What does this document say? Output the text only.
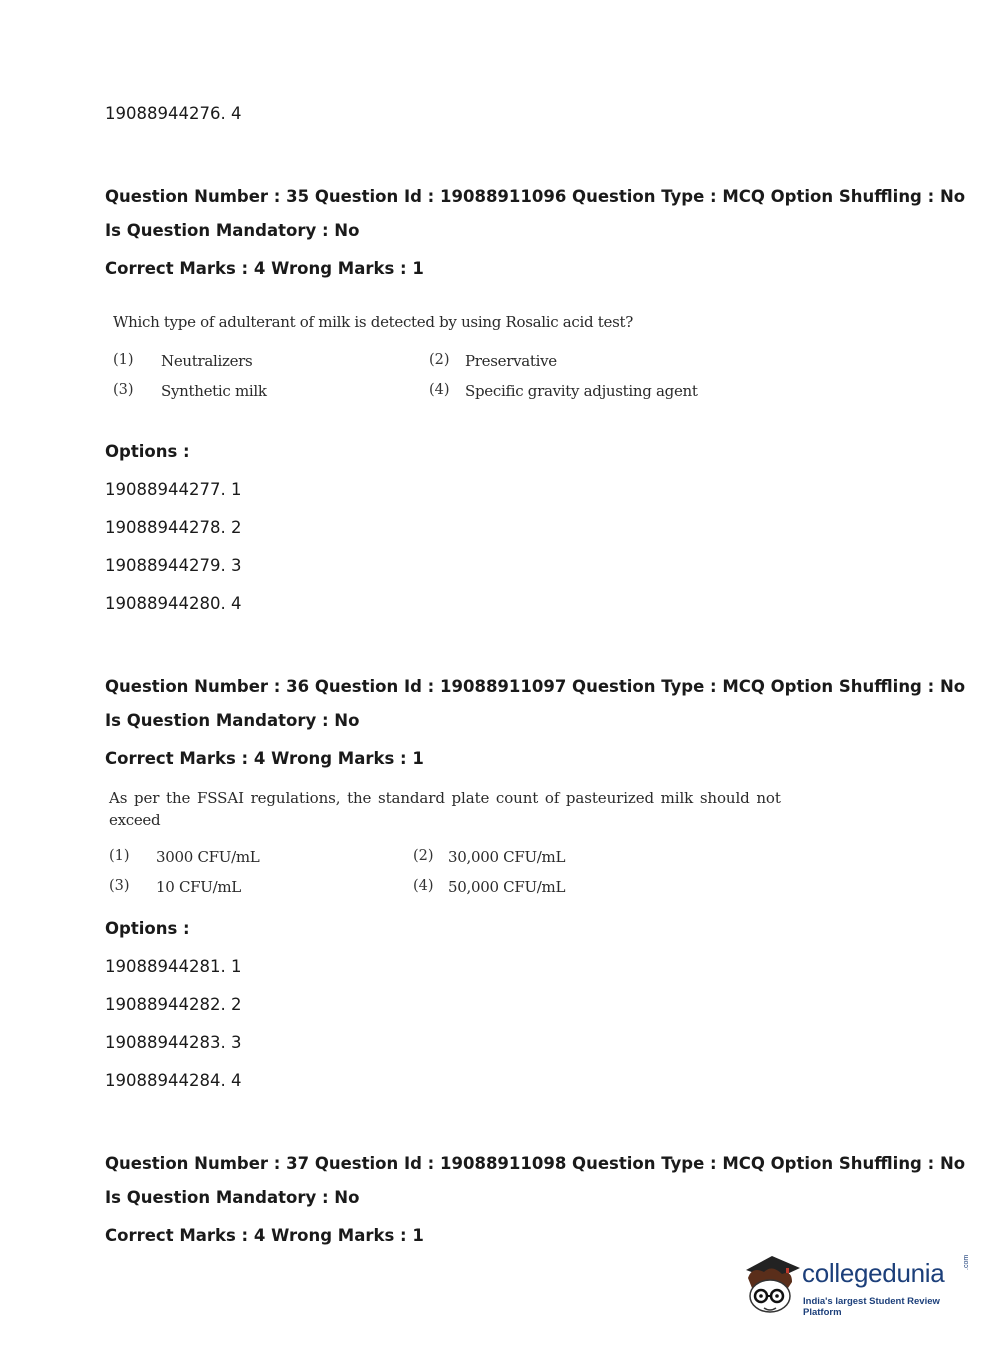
19088944276. 4
Question Number : 35 Question Id : 19088911096 Question Type : MCQ Option Shuffling : No
Is Question Mandatory : No
Correct Marks : 4 Wrong Marks : 1
Which type of adulterant of milk is detected by using Rosalic acid test?
(1) Neutralizers	(2) Preservative
(3) Synthetic milk	(4) Specific gravity adjusting agent
Options :
19088944277. 1
19088944278. 2
19088944279. 3
19088944280. 4
Question Number : 36 Question Id : 19088911097 Question Type : MCQ Option Shuffling : No
Is Question Mandatory : No
Correct Marks : 4 Wrong Marks : 1
As per the FSSAI regulations, the standard plate count of pasteurized milk should not
exceed
(1) 3000 CFU/mL	(2) 30,000 CFU/mL
(3) 10 CFU/mL	(4) 50,000 CFU/mL
Options :
19088944281. 1
19088944282. 2
19088944283. 3
19088944284. 4
Question Number : 37 Question Id : 19088911098 Question Type : MCQ Option Shuffling : No
Is Question Mandatory : No
Correct Marks : 4 Wrong Marks : 1
collegedunia	.com
India's largest Student Review Platform
